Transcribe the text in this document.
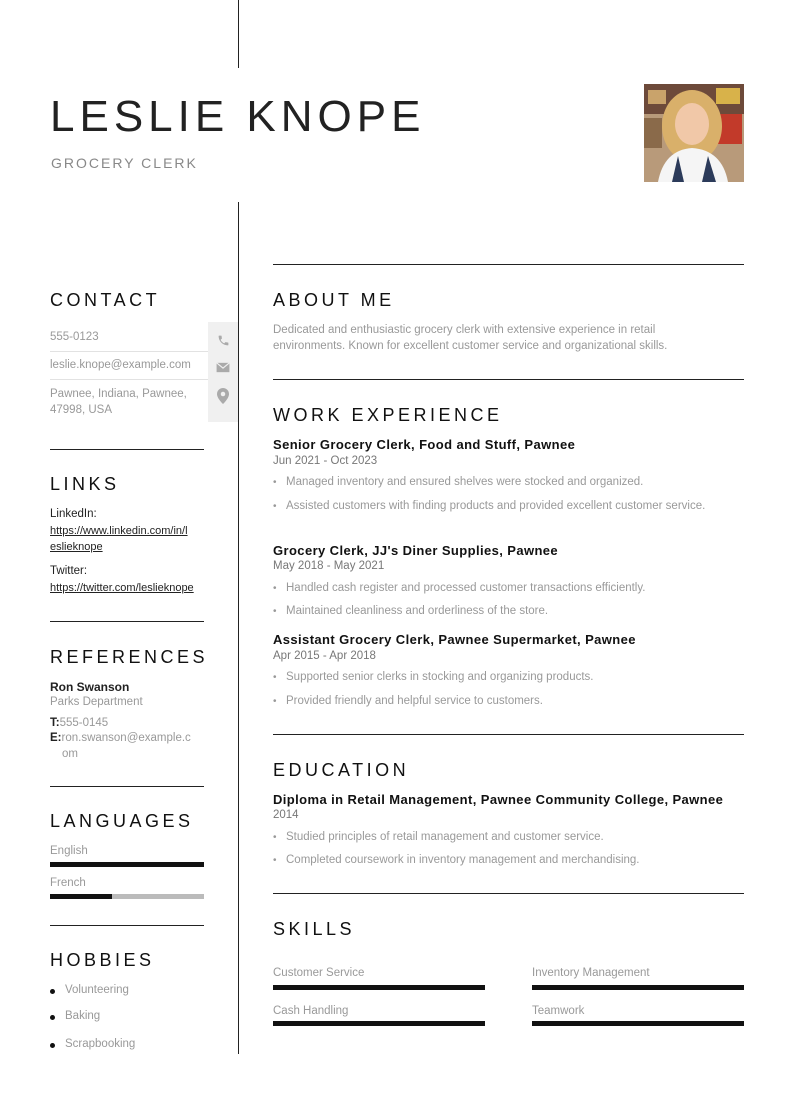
LESLIE KNOPE
GROCERY CLERK
CONTACT
555-0123
leslie.knope@example.com
Pawnee, Indiana, Pawnee,
47998, USA
LINKS
LinkedIn:
https://www.linkedin.com/in/l
eslieknope
Twitter:
https://twitter.com/leslieknope
REFERENCES
Ron Swanson
Parks Department
T:555-0145
E:ron.swanson@example.c
om
LANGUAGES
English
French
HOBBIES
Volunteering
Baking
Scrapbooking
ABOUT ME
Dedicated and enthusiastic grocery clerk with extensive experience in retail environments. Known for excellent customer service and organizational skills.
WORK EXPERIENCE
Senior Grocery Clerk, Food and Stuff, Pawnee
Jun 2021 - Oct 2023
• Managed inventory and ensured shelves were stocked and organized.
• Assisted customers with finding products and provided excellent customer service.
Grocery Clerk, JJ's Diner Supplies, Pawnee
May 2018 - May 2021
• Handled cash register and processed customer transactions efficiently.
• Maintained cleanliness and orderliness of the store.
Assistant Grocery Clerk, Pawnee Supermarket, Pawnee
Apr 2015 - Apr 2018
• Supported senior clerks in stocking and organizing products.
• Provided friendly and helpful service to customers.
EDUCATION
Diploma in Retail Management, Pawnee Community College, Pawnee
2014
• Studied principles of retail management and customer service.
• Completed coursework in inventory management and merchandising.
SKILLS
Customer Service	Inventory Management
Cash Handling	Teamwork
